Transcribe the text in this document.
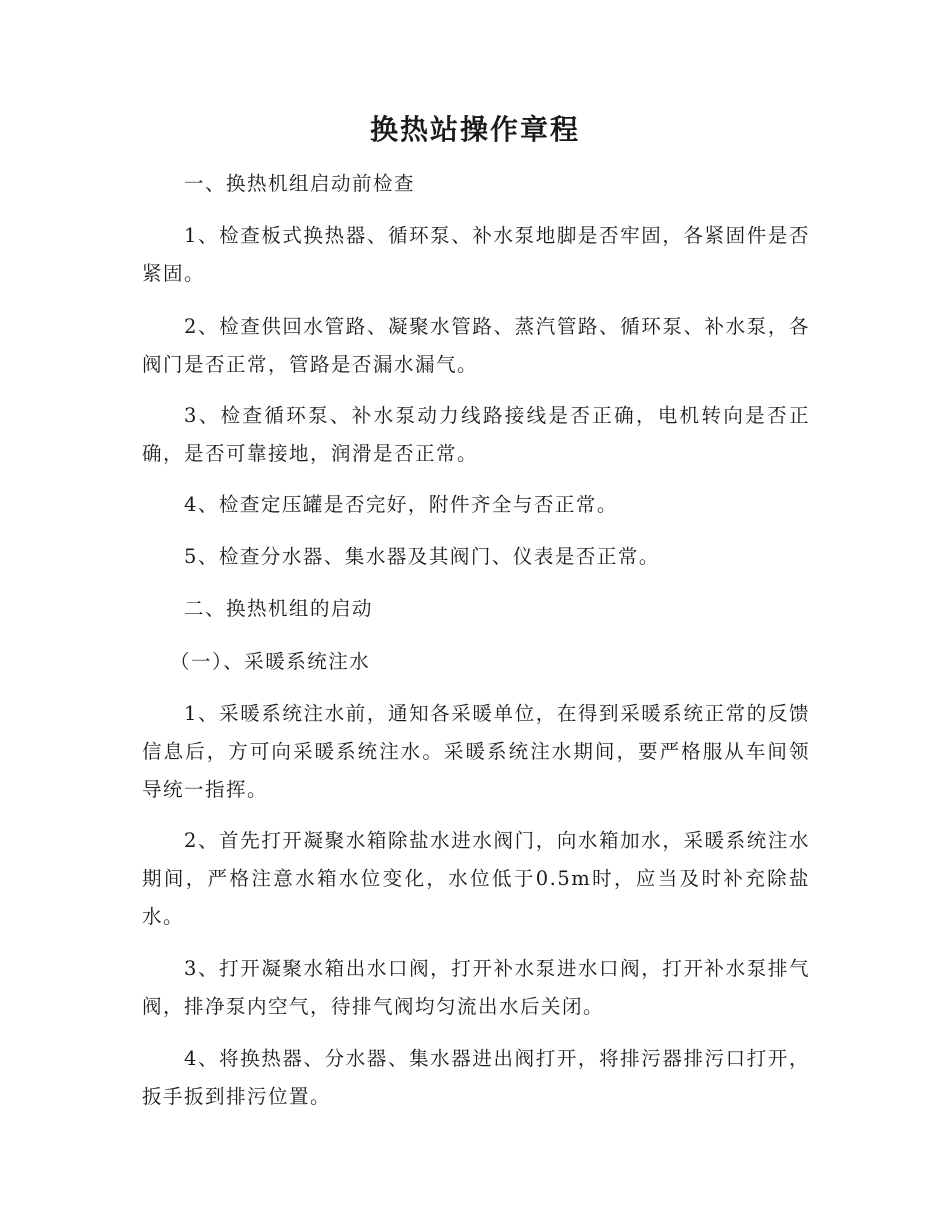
换热站操作章程

一、换热机组启动前检查

1、检查板式换热器、循环泵、补水泵地脚是否牢固，各紧固件是否紧固。

2、检查供回水管路、凝聚水管路、蒸汽管路、循环泵、补水泵，各阀门是否正常，管路是否漏水漏气。

3、检查循环泵、补水泵动力线路接线是否正确，电机转向是否正确，是否可靠接地，润滑是否正常。

4、检查定压罐是否完好，附件齐全与否正常。

5、检查分水器、集水器及其阀门、仪表是否正常。

二、换热机组的启动

（一）、采暖系统注水

1、采暖系统注水前，通知各采暖单位，在得到采暖系统正常的反馈信息后，方可向采暖系统注水。采暖系统注水期间，要严格服从车间领导统一指挥。

2、首先打开凝聚水箱除盐水进水阀门，向水箱加水，采暖系统注水期间，严格注意水箱水位变化，水位低于0.5m时，应当及时补充除盐水。

3、打开凝聚水箱出水口阀，打开补水泵进水口阀，打开补水泵排气阀，排净泵内空气，待排气阀均匀流出水后关闭。

4、将换热器、分水器、集水器进出阀打开，将排污器排污口打开，扳手扳到排污位置。
